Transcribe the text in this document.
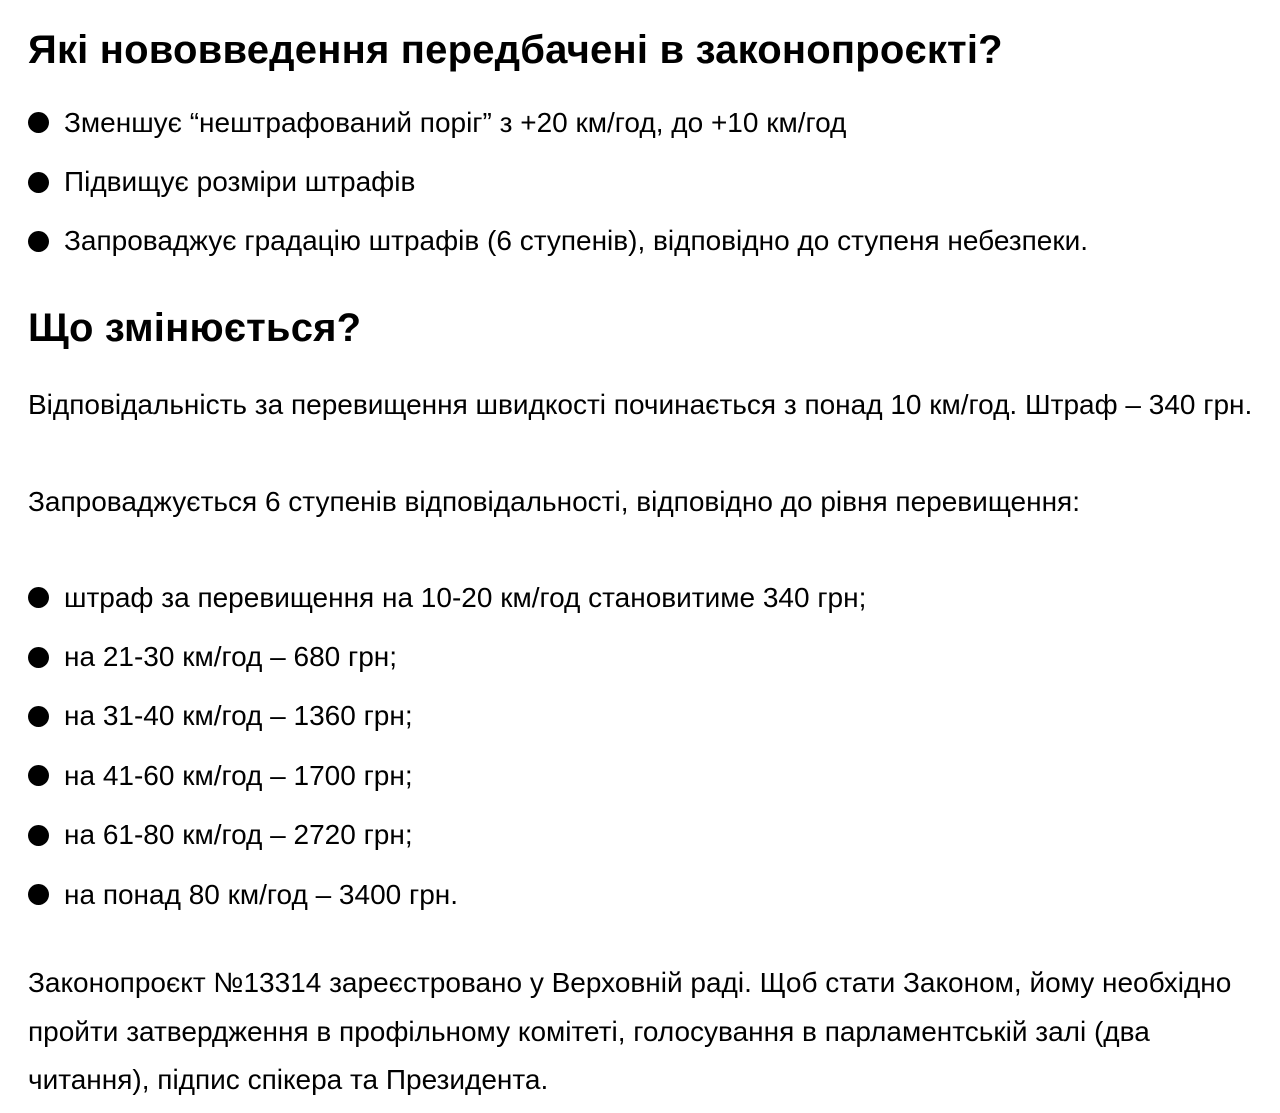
Які нововведення передбачені в законопроєкті?
Зменшує “нештрафований поріг” з +20 км/год, до +10 км/год
Підвищує розміри штрафів
Запроваджує градацію штрафів (6 ступенів), відповідно до ступеня небезпеки.
Що змінюється?

Відповідальність за перевищення швидкості починається з понад 10 км/год. Штраф – 340 грн.

Запроваджується 6 ступенів відповідальності, відповідно до рівня перевищення:

штраф за перевищення на 10-20 км/год становитиме 340 грн;
на 21-30 км/год – 680 грн;
на 31-40 км/год – 1360 грн;
на 41-60 км/год – 1700 грн;
на 61-80 км/год – 2720 грн;
на понад 80 км/год – 3400 грн.

Законопроєкт №13314 зареєстровано у Верховній раді. Щоб стати Законом, йому необхідно пройти затвердження в профільному комітеті, голосування в парламентській залі (два читання), підпис спікера та Президента.
